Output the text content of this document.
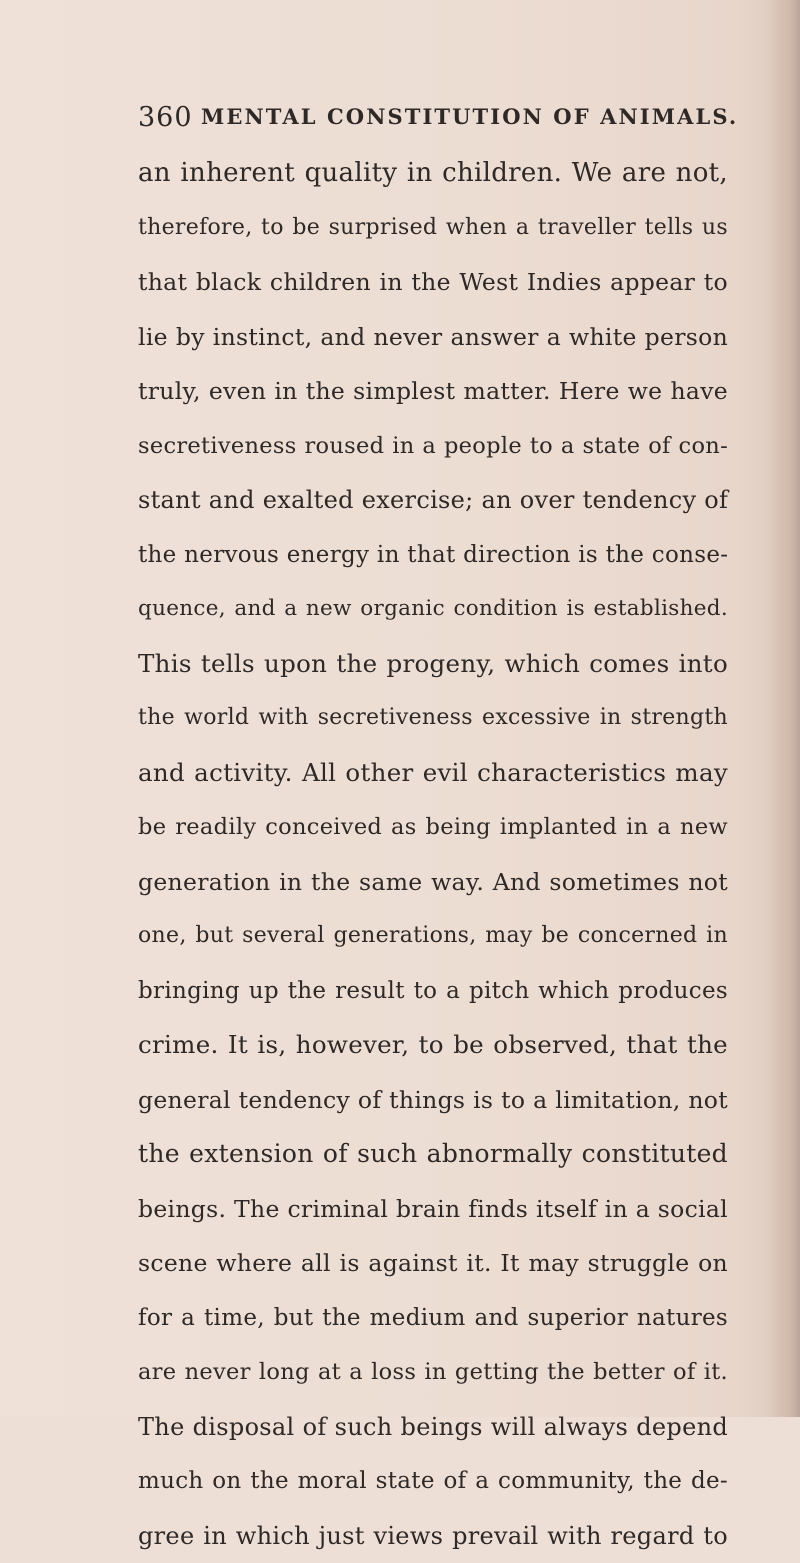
360 MENTAL CONSTITUTION OF ANIMALS.
an inherent quality in children. We are not,
therefore, to be surprised when a traveller tells us
that black children in the West Indies appear to
lie by instinct, and never answer a white person
truly, even in the simplest matter. Here we have
secretiveness roused in a people to a state of con-
stant and exalted exercise; an over tendency of
the nervous energy in that direction is the conse-
quence, and a new organic condition is established.
This tells upon the progeny, which comes into
the world with secretiveness excessive in strength
and activity. All other evil characteristics may
be readily conceived as being implanted in a new
generation in the same way. And sometimes not
one, but several generations, may be concerned in
bringing up the result to a pitch which produces
crime. It is, however, to be observed, that the
general tendency of things is to a limitation, not
the extension of such abnormally constituted
beings. The criminal brain finds itself in a social
scene where all is against it. It may struggle on
for a time, but the medium and superior natures
are never long at a loss in getting the better of it.
The disposal of such beings will always depend
much on the moral state of a community, the de-
gree in which just views prevail with regard to
